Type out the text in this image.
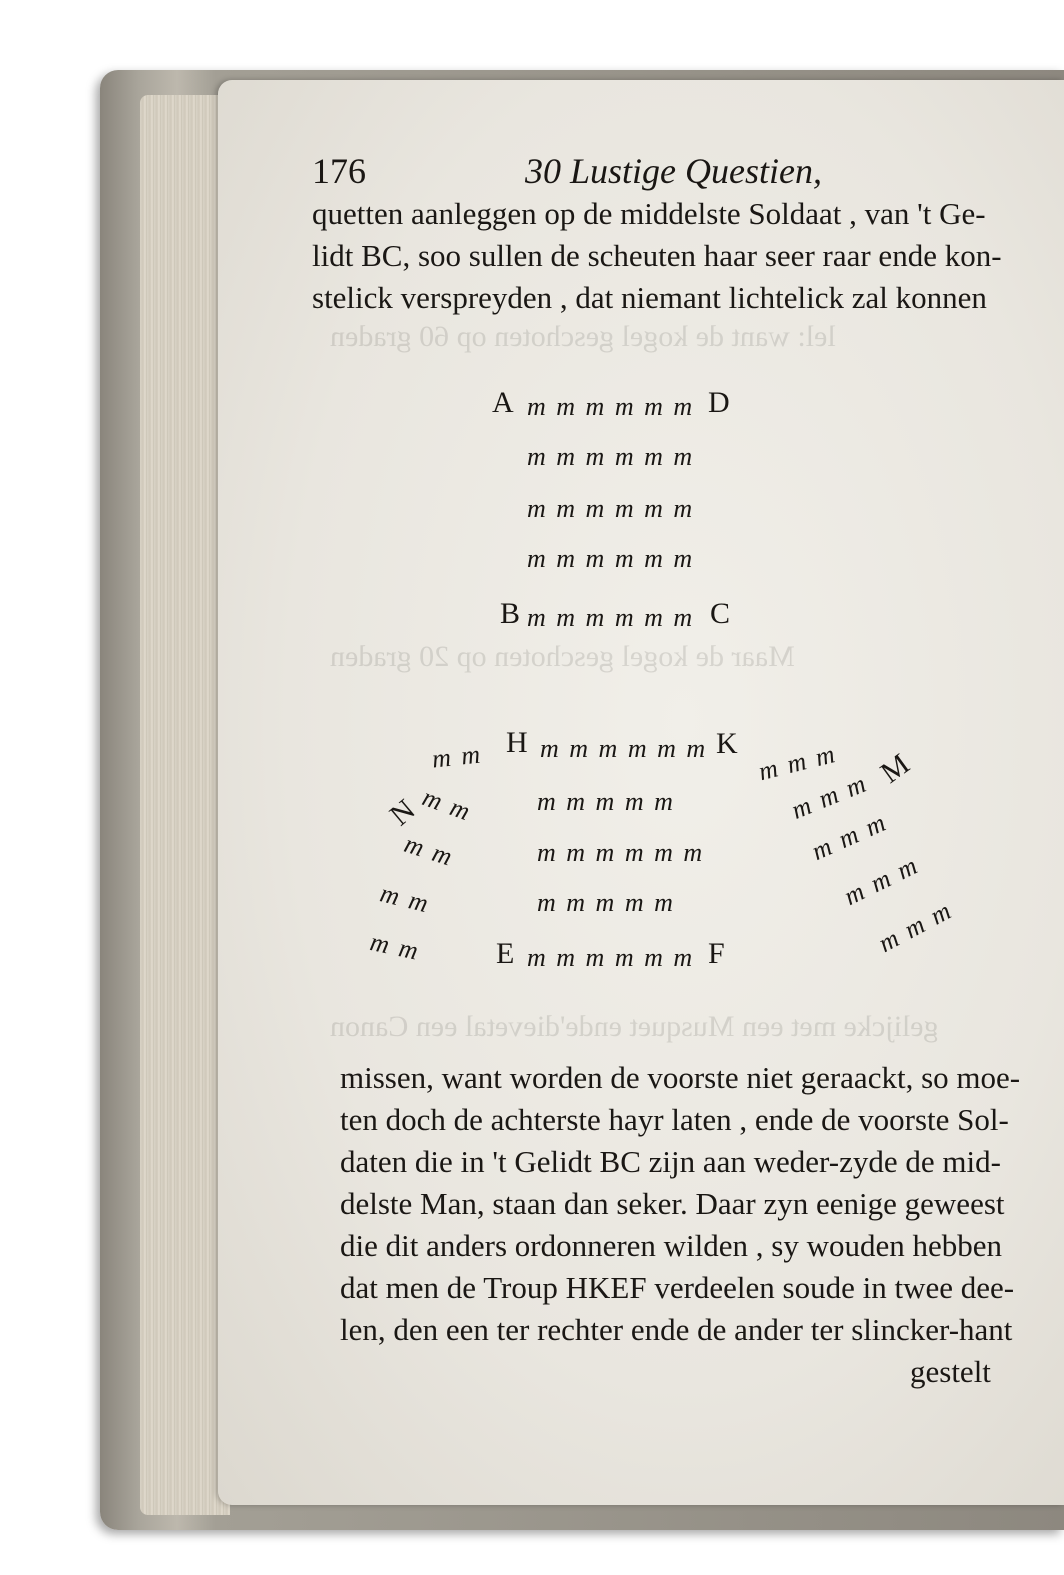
lel: want de kogel geschoten op 60 graden
Maar de kogel geschoten op 20 graden
gelijcke met een Musquet ende'dievetal een Canon
176	30 Lustige Questien,
quetten aanleggen op de middelste Soldaat , van 't Ge-
lidt BC, soo sullen de scheuten haar seer raar ende kon-
stelick verspreyden , dat niemant lichtelick zal konnen
A m m m m m m D
m m m m m m
m m m m m m
m m m m m m
B m m m m m m C
m m H m m m m m m K m m m
N
m m m m m m m	m m m M
m m	m m m m m m	m m m
m m	m m m m m	m m m
m m E m m m m m m F	m m m
missen, want worden de voorste niet geraackt, so moe-
ten doch de achterste hayr laten , ende de voorste Sol-
daten die in 't Gelidt BC zijn aan weder-zyde de mid-
delste Man, staan dan seker. Daar zyn eenige geweest
die dit anders ordonneren wilden , sy wouden hebben
dat men de Troup HKEF verdeelen soude in twee dee-
len, den een ter rechter ende de ander ter slincker-hant
gestelt
